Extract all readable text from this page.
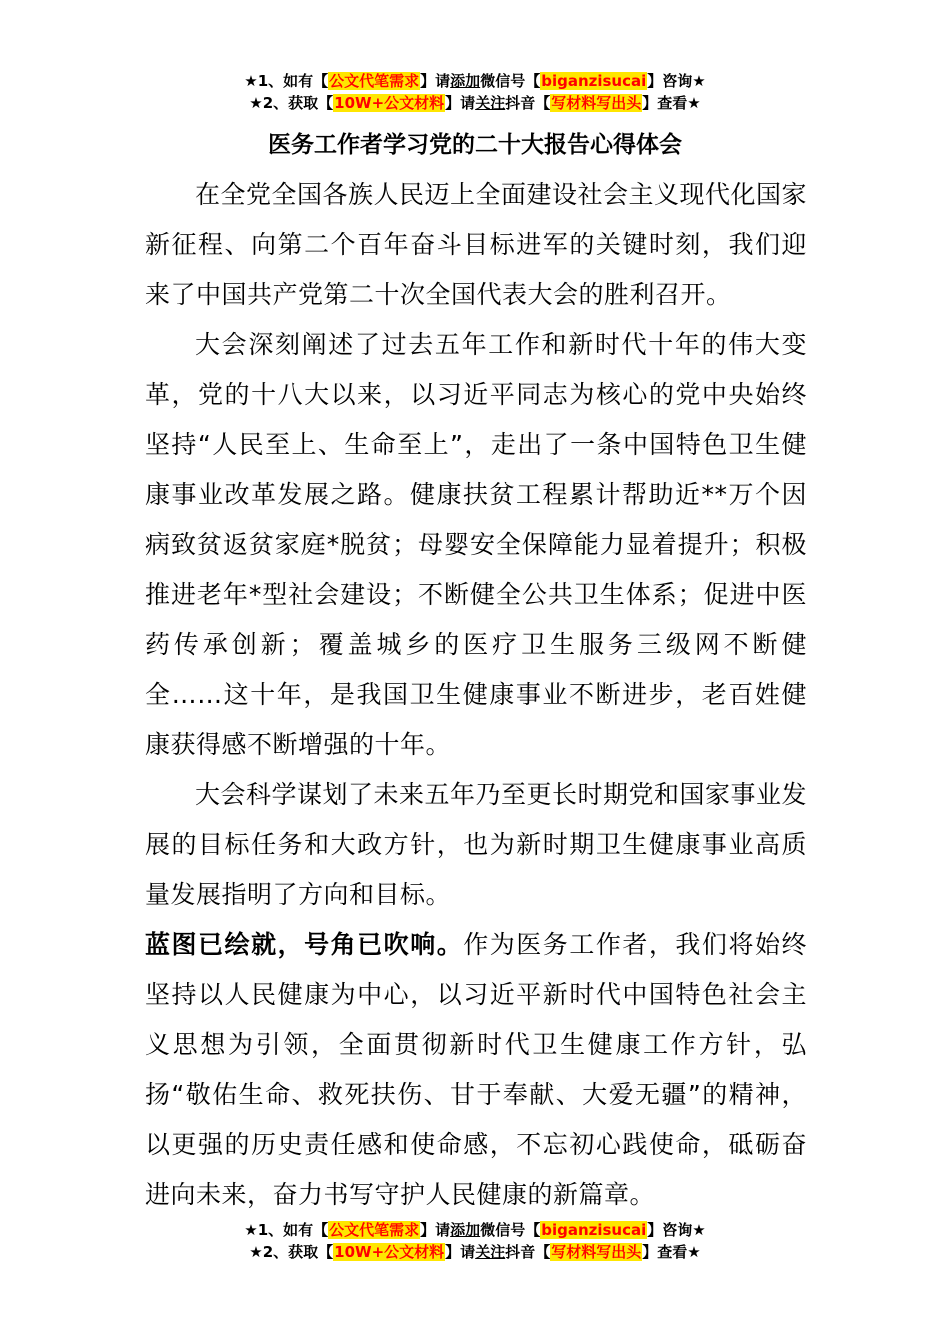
★1、如有【公文代笔需求】请添加微信号【biganzisucai】咨询★
★2、获取【10W+公文材料】请关注抖音【写材料写出头】查看★
医务工作者学习党的二十大报告心得体会

在全党全国各族人民迈上全面建设社会主义现代化国家新征程、向第二个百年奋斗目标进军的关键时刻，我们迎来了中国共产党第二十次全国代表大会的胜利召开。

大会深刻阐述了过去五年工作和新时代十年的伟大变革，党的十八大以来，以习近平同志为核心的党中央始终坚持“人民至上、生命至上”，走出了一条中国特色卫生健康事业改革发展之路。健康扶贫工程累计帮助近**万个因病致贫返贫家庭*脱贫；母婴安全保障能力显着提升；积极推进老年*型社会建设；不断健全公共卫生体系；促进中医药传承创新；覆盖城乡的医疗卫生服务三级网不断健全……这十年，是我国卫生健康事业不断进步，老百姓健康获得感不断增强的十年。

大会科学谋划了未来五年乃至更长时期党和国家事业发展的目标任务和大政方针，也为新时期卫生健康事业高质量发展指明了方向和目标。

蓝图已绘就，号角已吹响。作为医务工作者，我们将始终坚持以人民健康为中心，以习近平新时代中国特色社会主义思想为引领，全面贯彻新时代卫生健康工作方针，弘扬“敬佑生命、救死扶伤、甘于奉献、大爱无疆”的精神，以更强的历史责任感和使命感，不忘初心践使命，砥砺奋进向未来，奋力书写守护人民健康的新篇章。

★1、如有【公文代笔需求】请添加微信号【biganzisucai】咨询★
★2、获取【10W+公文材料】请关注抖音【写材料写出头】查看★
